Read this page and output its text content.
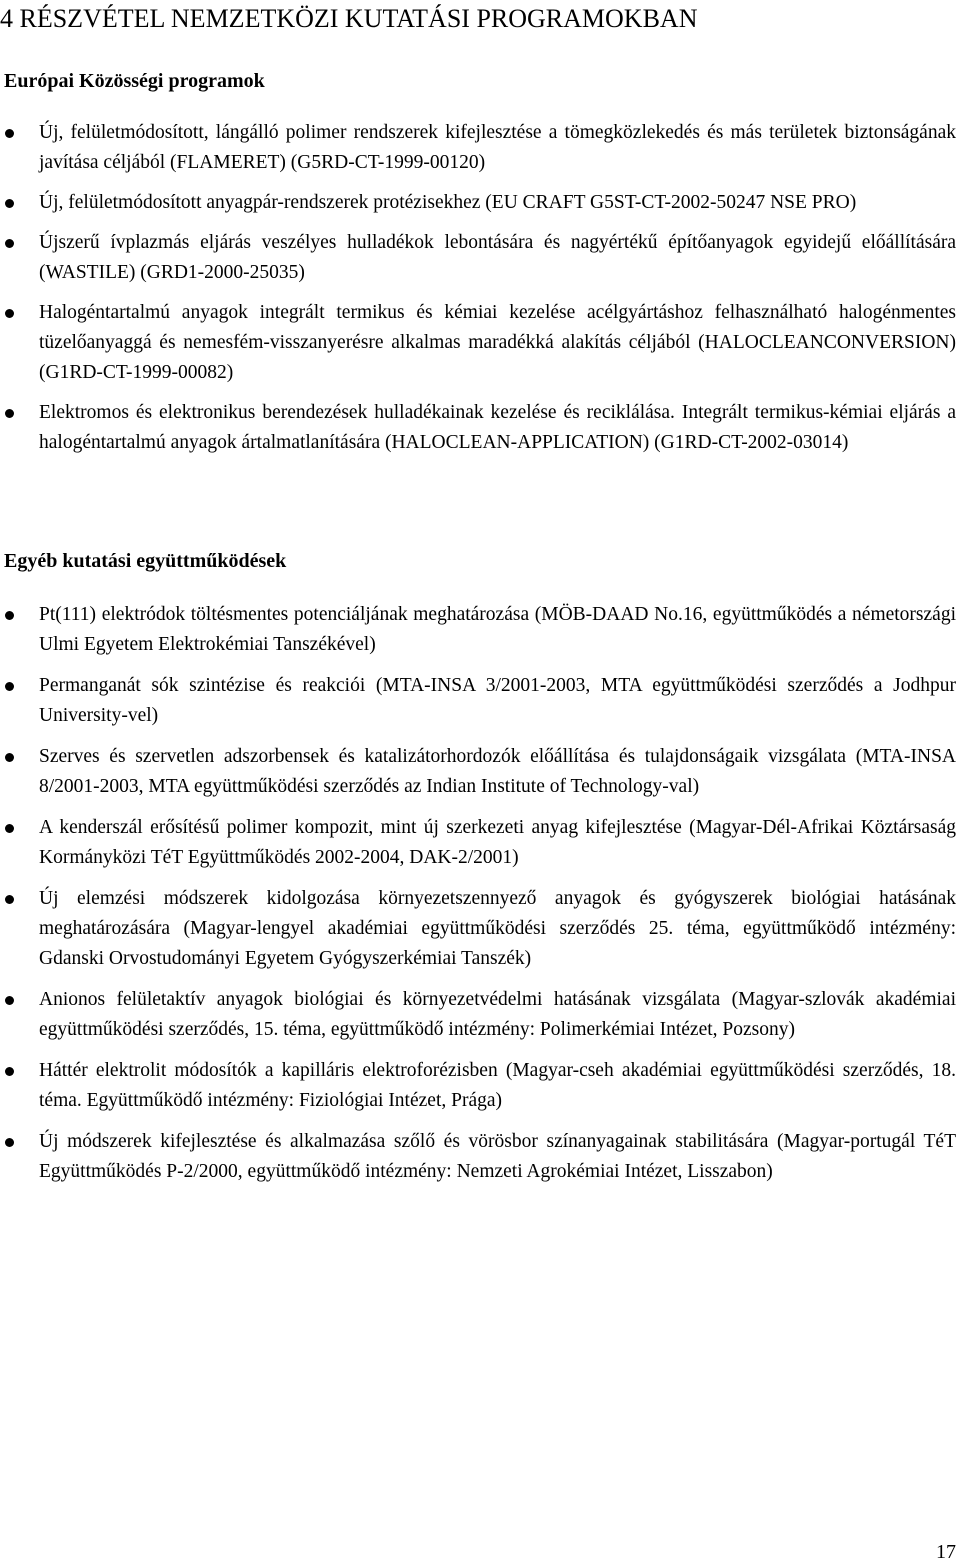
4 RÉSZVÉTEL NEMZETKÖZI KUTATÁSI PROGRAMOKBAN
Európai Közösségi programok
Új, felületmódosított, lángálló polimer rendszerek kifejlesztése a tömegközlekedés és más területek biztonságának javítása céljából (FLAMERET) (G5RD-CT-1999-00120)
Új, felületmódosított anyagpár-rendszerek protézisekhez (EU CRAFT G5ST-CT-2002-50247 NSE PRO)
Újszerű ívplazmás eljárás veszélyes hulladékok lebontására és nagyértékű építőanyagok egyidejű előállítására (WASTILE) (GRD1-2000-25035)
Halogéntartalmú anyagok integrált termikus és kémiai kezelése acélgyártáshoz felhasználható halogénmentes tüzelőanyaggá és nemesfém-visszanyerésre alkalmas maradékká alakítás céljából (HALOCLEANCONVERSION) (G1RD-CT-1999-00082)
Elektromos és elektronikus berendezések hulladékainak kezelése és reciklálása. Integrált termikus-kémiai eljárás a halogéntartalmú anyagok ártalmatlanítására (HALOCLEAN-APPLICATION) (G1RD-CT-2002-03014)
Egyéb kutatási együttműködések
Pt(111) elektródok töltésmentes potenciáljának meghatározása (MÖB-DAAD No.16, együttműködés a németországi Ulmi Egyetem Elektrokémiai Tanszékével)
Permanganát sók szintézise és reakciói (MTA-INSA 3/2001-2003, MTA együttműködési szerződés a Jodhpur University-vel)
Szerves és szervetlen adszorbensek és katalizátorhordozók előállítása és tulajdonságaik vizsgálata (MTA-INSA 8/2001-2003, MTA együttműködési szerződés az Indian Institute of Technology-val)
A kenderszál erősítésű polimer kompozit, mint új szerkezeti anyag kifejlesztése (Magyar-Dél-Afrikai Köztársaság Kormányközi TéT Együttműködés 2002-2004, DAK-2/2001)
Új elemzési módszerek kidolgozása környezetszennyező anyagok és gyógyszerek biológiai hatásának meghatározására (Magyar-lengyel akadémiai együttműködési szerződés 25. téma, együttműködő intézmény: Gdanski Orvostudományi Egyetem Gyógyszerkémiai Tanszék)
Anionos felületaktív anyagok biológiai és környezetvédelmi hatásának vizsgálata (Magyar-szlovák akadémiai együttműködési szerződés, 15. téma, együttműködő intézmény: Polimerkémiai Intézet, Pozsony)
Háttér elektrolit módosítók a kapilláris elektroforézisben (Magyar-cseh akadémiai együttműködési szerződés, 18. téma. Együttműködő intézmény: Fiziológiai Intézet, Prága)
Új módszerek kifejlesztése és alkalmazása szőlő és vörösbor színanyagainak stabilitására (Magyar-portugál TéT Együttműködés P-2/2000, együttműködő intézmény: Nemzeti Agrokémiai Intézet, Lisszabon)
17
